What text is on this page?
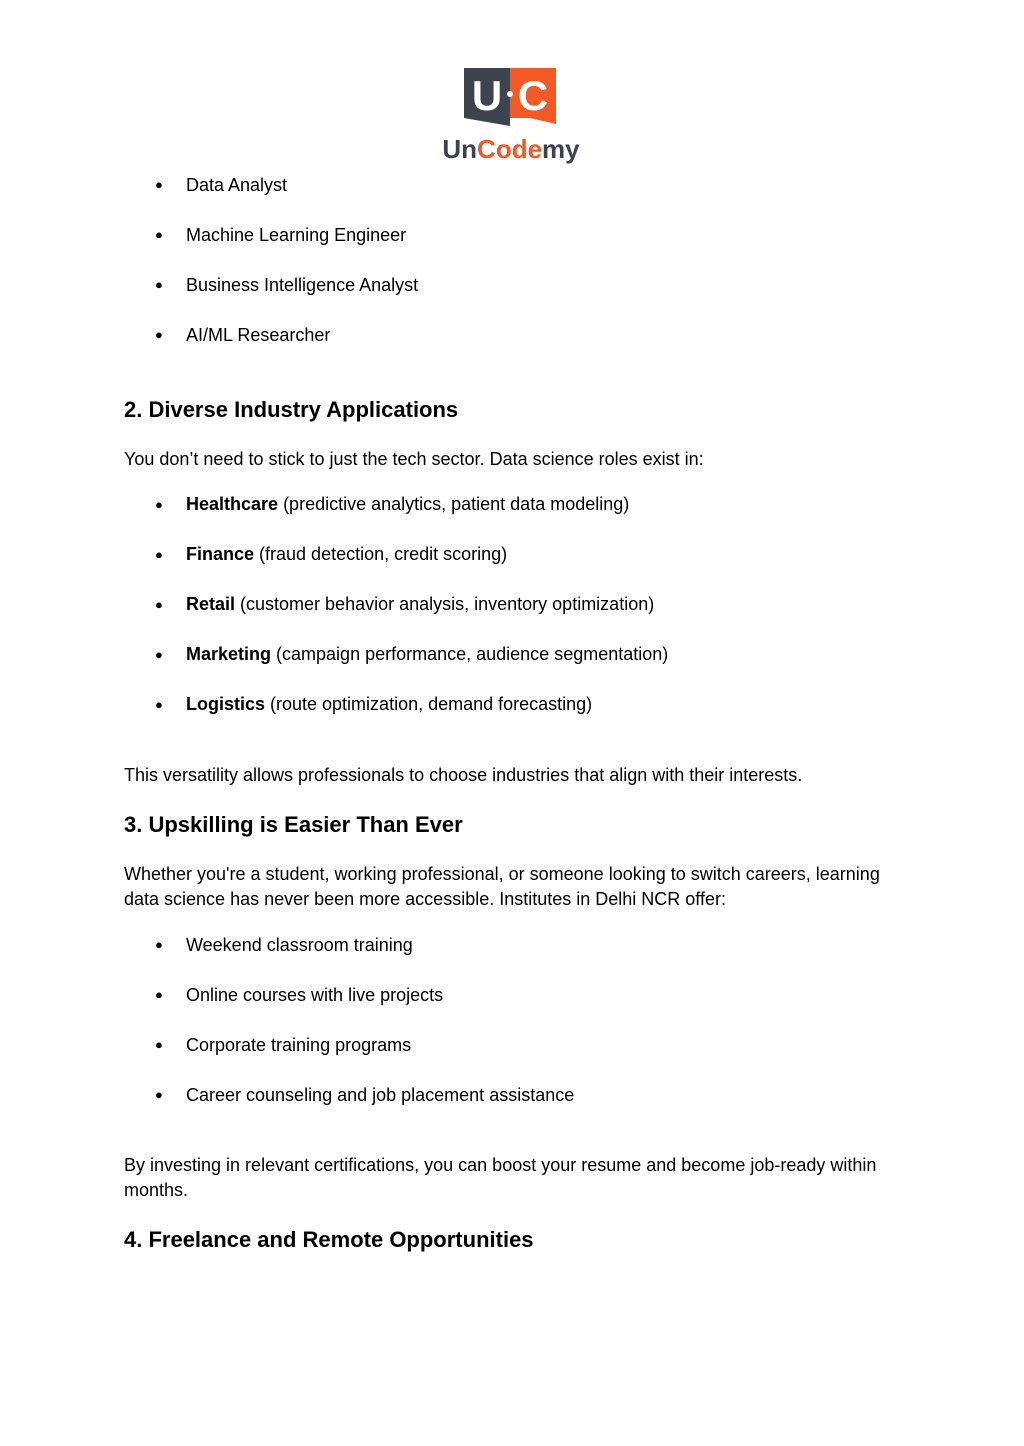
U C
UnCodemy
● Data Analyst
● Machine Learning Engineer
● Business Intelligence Analyst
● AI/ML Researcher
2. Diverse Industry Applications

You don’t need to stick to just the tech sector. Data science roles exist in:

● Healthcare (predictive analytics, patient data modeling)
● Finance (fraud detection, credit scoring)
● Retail (customer behavior analysis, inventory optimization)
● Marketing (campaign performance, audience segmentation)
● Logistics (route optimization, demand forecasting)

This versatility allows professionals to choose industries that align with their interests.

3. Upskilling is Easier Than Ever

Whether you're a student, working professional, or someone looking to switch careers, learning data science has never been more accessible. Institutes in Delhi NCR offer:

● Weekend classroom training
● Online courses with live projects
● Corporate training programs
● Career counseling and job placement assistance

By investing in relevant certifications, you can boost your resume and become job-ready within months.

4. Freelance and Remote Opportunities
